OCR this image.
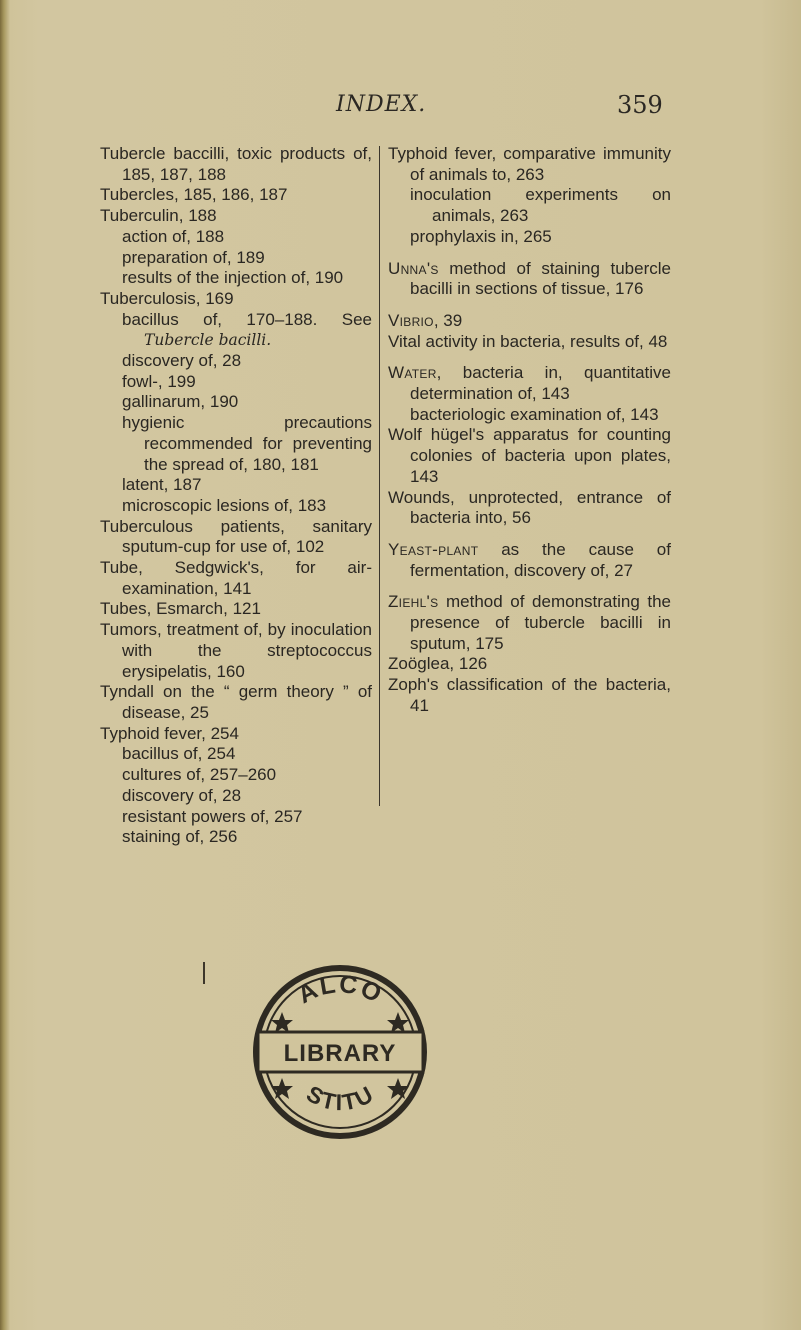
INDEX.	359
Tubercle baccilli, toxic products of, 185, 187, 188
Tubercles, 185, 186, 187
Tuberculin, 188
action of, 188
preparation of, 189
results of the injection of, 190
Tuberculosis, 169
bacillus of, 170–188. See Tubercle bacilli.
discovery of, 28
fowl-, 199
gallinarum, 190
hygienic precautions recommended for preventing the spread of, 180, 181
latent, 187
microscopic lesions of, 183
Tuberculous patients, sanitary sputum-cup for use of, 102
Tube, Sedgwick's, for air-examination, 141
Tubes, Esmarch, 121
Tumors, treatment of, by inoculation with the streptococcus erysipelatis, 160
Tyndall on the “ germ theory ” of disease, 25
Typhoid fever, 254
bacillus of, 254
cultures of, 257–260
discovery of, 28
resistant powers of, 257
staining of, 256
Typhoid fever, comparative immunity of animals to, 263
inoculation experiments on animals, 263
prophylaxis in, 265
Unna's method of staining tubercle bacilli in sections of tissue, 176
Vibrio, 39
Vital activity in bacteria, results of, 48
Water, bacteria in, quantitative determination of, 143
bacteriologic examination of, 143
Wolf hügel's apparatus for counting colonies of bacteria upon plates, 143
Wounds, unprotected, entrance of bacteria into, 56
Yeast-plant as the cause of fermentation, discovery of, 27
Ziehl's method of demonstrating the presence of tubercle bacilli in sputum, 175
Zoöglea, 126
Zoph's classification of the bacteria, 41
ALCO
LIBRARY
STITU
